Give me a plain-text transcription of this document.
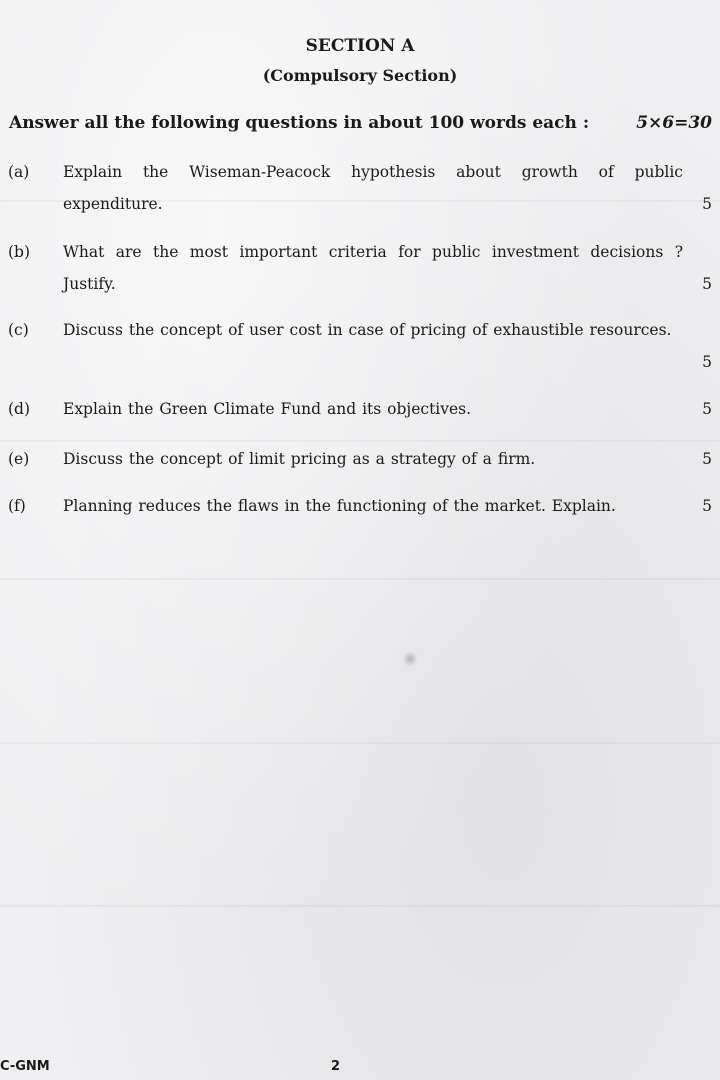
SECTION A
(Compulsory Section)
Answer all the following questions in about 100 words each :	5×6=30
(a) Explain the Wiseman-Peacock hypothesis about growth of public expenditure.	5
(b) What are the most important criteria for public investment decisions ? Justify.	5
(c) Discuss the concept of user cost in case of pricing of exhaustible resources.
5
(d) Explain the Green Climate Fund and its objectives.	5
(e) Discuss the concept of limit pricing as a strategy of a firm.	5
(f) Planning reduces the flaws in the functioning of the market. Explain.	5
C-GNM	2
